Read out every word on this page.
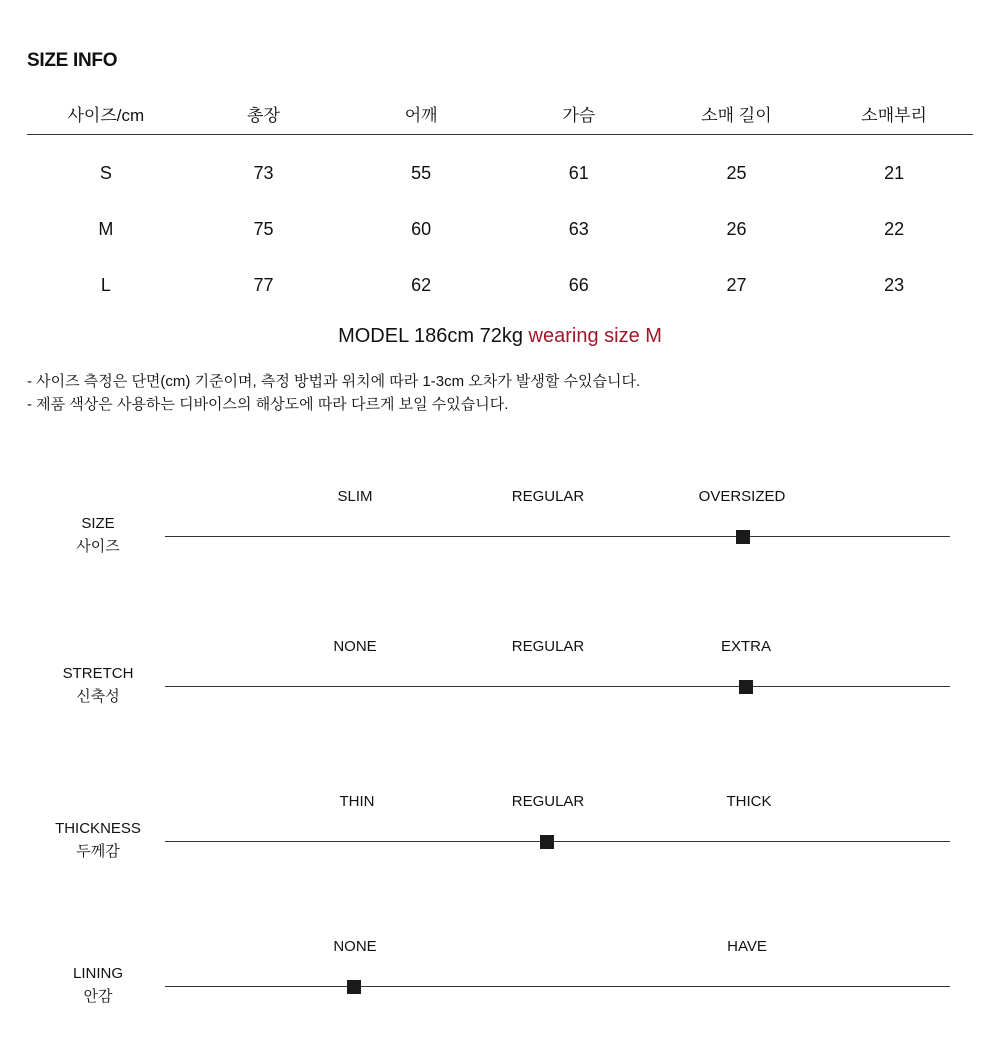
SIZE INFO
사이즈/cm	총장	어깨	가슴	소매 길이	소매부리
S	73	55	61	25	21
M	75	60	63	26	22
L	77	62	66	27	23
MODEL 186cm 72kg wearing size M
- 사이즈 측정은 단면(cm) 기준이며, 측정 방법과 위치에 따라 1-3cm 오차가 발생할 수있습니다.
- 제품 색상은 사용하는 디바이스의 해상도에 따라 다르게 보일 수있습니다.
SIZE
사이즈
SLIM	REGULAR	OVERSIZED
STRETCH
신축성
NONE	REGULAR	EXTRA
THICKNESS
두께감
THIN	REGULAR	THICK
LINING
안감
NONE	HAVE
